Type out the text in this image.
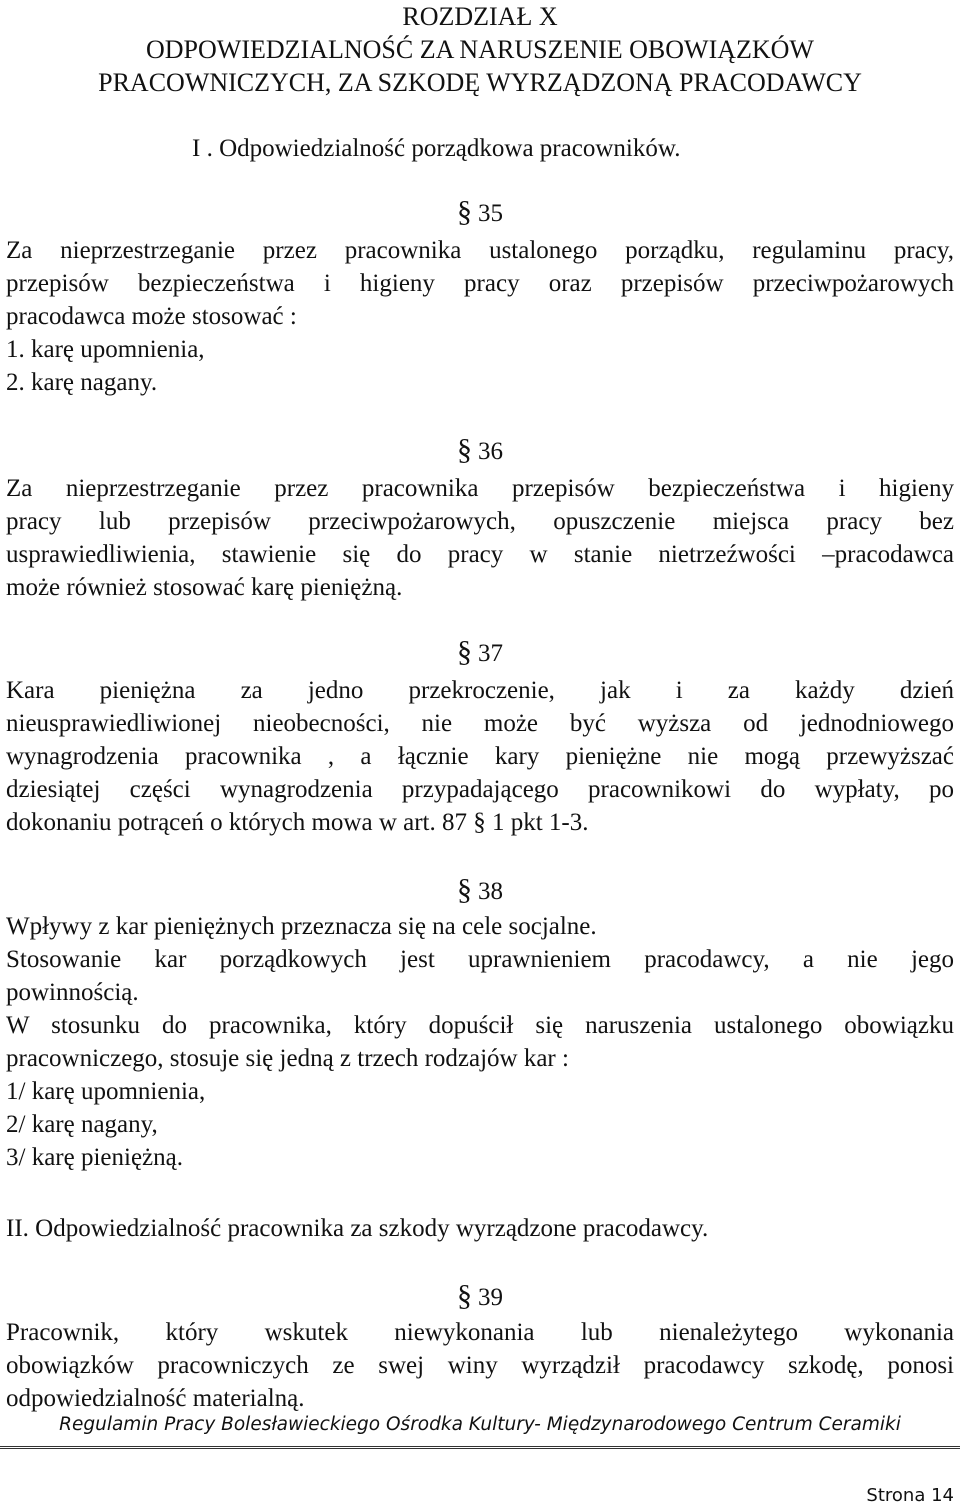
ROZDZIAŁ X
ODPOWIEDZIALNOŚĆ ZA NARUSZENIE OBOWIĄZKÓW
PRACOWNICZYCH, ZA SZKODĘ WYRZĄDZONĄ PRACODAWCY
I . Odpowiedzialność porządkowa pracowników.
§ 35
Za nieprzestrzeganie przez pracownika ustalonego porządku, regulaminu pracy,
przepisów bezpieczeństwa i higieny pracy oraz przepisów przeciwpożarowych
pracodawca może stosować :
1. karę upomnienia,
2. karę nagany.
§ 36
Za nieprzestrzeganie przez pracownika przepisów bezpieczeństwa i higieny
pracy lub przepisów przeciwpożarowych, opuszczenie miejsca pracy bez
usprawiedliwienia, stawienie się do pracy w stanie nietrzeźwości –pracodawca
może również stosować karę pieniężną.
§ 37
Kara pieniężna za jedno przekroczenie, jak i za każdy dzień
nieusprawiedliwionej nieobecności, nie może być wyższa od jednodniowego
wynagrodzenia pracownika , a łącznie kary pieniężne nie mogą przewyższać
dziesiątej części wynagrodzenia przypadającego pracownikowi do wypłaty, po
dokonaniu potrąceń o których mowa w art. 87 § 1 pkt 1-3.
§ 38
Wpływy z kar pieniężnych przeznacza się na cele socjalne.
Stosowanie kar porządkowych jest uprawnieniem pracodawcy, a nie jego
powinnością.
W stosunku do pracownika, który dopuścił się naruszenia ustalonego obowiązku
pracowniczego, stosuje się jedną z trzech rodzajów kar :
1/ karę upomnienia,
2/ karę nagany,
3/ karę pieniężną.
II. Odpowiedzialność pracownika za szkody wyrządzone pracodawcy.
§ 39
Pracownik, który wskutek niewykonania lub nienależytego wykonania
obowiązków pracowniczych ze swej winy wyrządził pracodawcy szkodę, ponosi
odpowiedzialność materialną.
Regulamin Pracy Bolesławieckiego Ośrodka Kultury- Międzynarodowego Centrum Ceramiki
Strona 14
